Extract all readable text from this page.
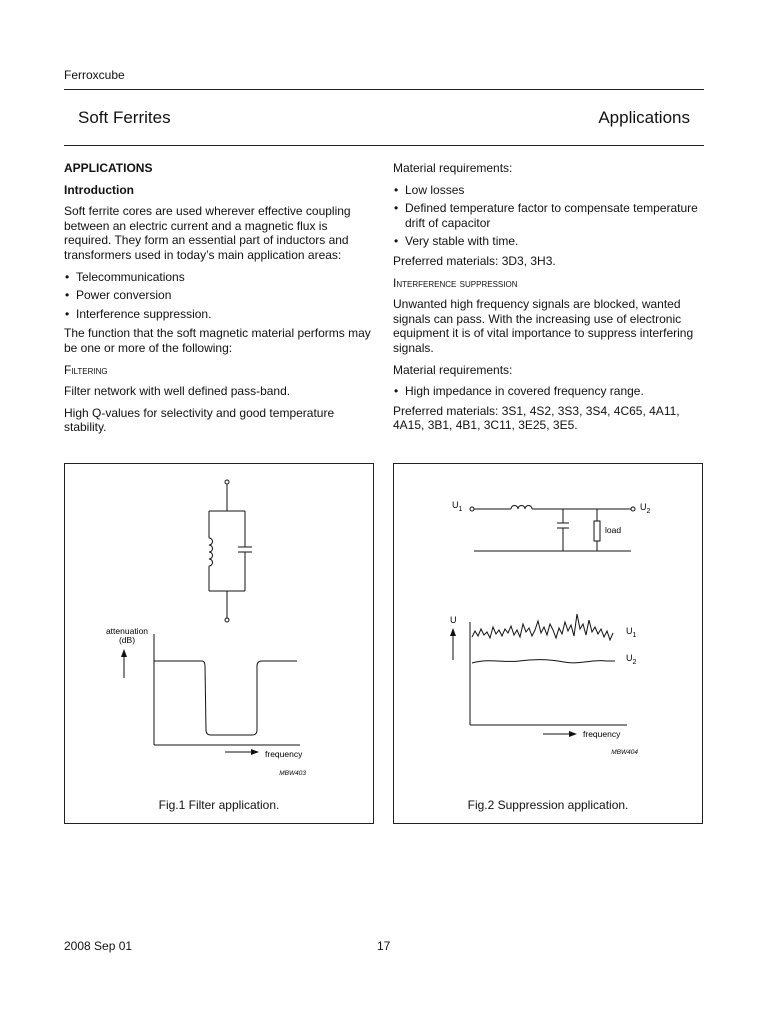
Ferroxcube
Soft Ferrites	Applications

APPLICATIONS

Introduction

Soft ferrite cores are used wherever effective coupling between an electric current and a magnetic flux is required. They form an essential part of inductors and transformers used in today’s main application areas:

• Telecommunications
• Power conversion
• Interference suppression.

The function that the soft magnetic material performs may be one or more of the following:

Filtering

Filter network with well defined pass-band.

High Q-values for selectivity and good temperature stability.

Material requirements:

• Low losses
• Defined temperature factor to compensate temperature drift of capacitor
• Very stable with time.

Preferred materials: 3D3, 3H3.

Interference suppression

Unwanted high frequency signals are blocked, wanted signals can pass. With the increasing use of electronic equipment it is of vital importance to suppress interfering signals.

Material requirements:

• High impedance in covered frequency range.

Preferred materials: 3S1, 4S2, 3S3, 3S4, 4C65, 4A11, 4A15, 3B1, 4B1, 3C11, 3E25, 3E5.

attenuation
(dB)
frequency
MBW403
Fig.1 Filter application.
$U_1$	$U_2$
load
U
$U_1$
$U_2$
frequency
MBW404
Fig.2 Suppression application.
2008 Sep 01	17
